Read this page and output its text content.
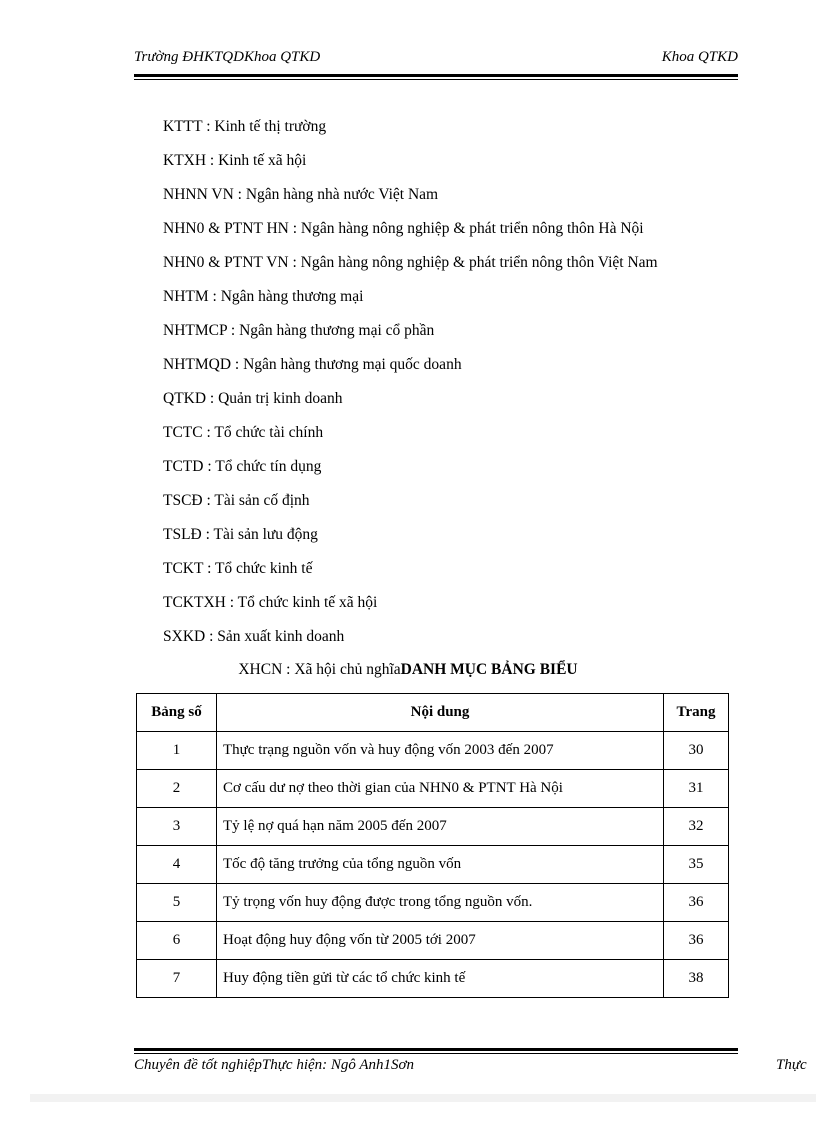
Trường ĐHKTQDKhoa QTKD	Khoa QTKD
KTTT : Kinh tế thị trường
KTXH : Kinh tế xã hội
NHNN VN : Ngân hàng nhà nước Việt Nam
NHN0 & PTNT HN : Ngân hàng nông nghiệp & phát triển nông thôn Hà Nội
NHN0 & PTNT VN : Ngân hàng nông nghiệp & phát triển nông thôn Việt Nam
NHTM : Ngân hàng thương mại
NHTMCP : Ngân hàng thương mại cổ phần
NHTMQD : Ngân hàng thương mại quốc doanh
QTKD : Quản trị kinh doanh
TCTC : Tổ chức tài chính
TCTD : Tổ chức tín dụng
TSCĐ : Tài sản cố định
TSLĐ : Tài sản lưu động
TCKT : Tổ chức kinh tế
TCKTXH : Tổ chức kinh tế xã hội
SXKD : Sản xuất kinh doanh
XHCN : Xã hội chủ nghĩaDANH MỤC BẢNG BIỂU
Bảng số	Nội dung	Trang
1	Thực trạng nguồn vốn và huy động vốn 2003 đến 2007	30
2	Cơ cấu dư nợ theo thời gian của NHN0 & PTNT Hà Nội	31
3	Tỷ lệ nợ quá hạn năm 2005 đến 2007	32
4	Tốc độ tăng trưởng của tổng nguồn vốn	35
5	Tỷ trọng vốn huy động được trong tổng nguồn vốn.	36
6	Hoạt động huy động vốn từ 2005 tới 2007	36
7	Huy động tiền gửi từ các tổ chức kinh tế	38
Chuyên đề tốt nghiệpThực hiện: Ngô Anh1Sơn	Thực
